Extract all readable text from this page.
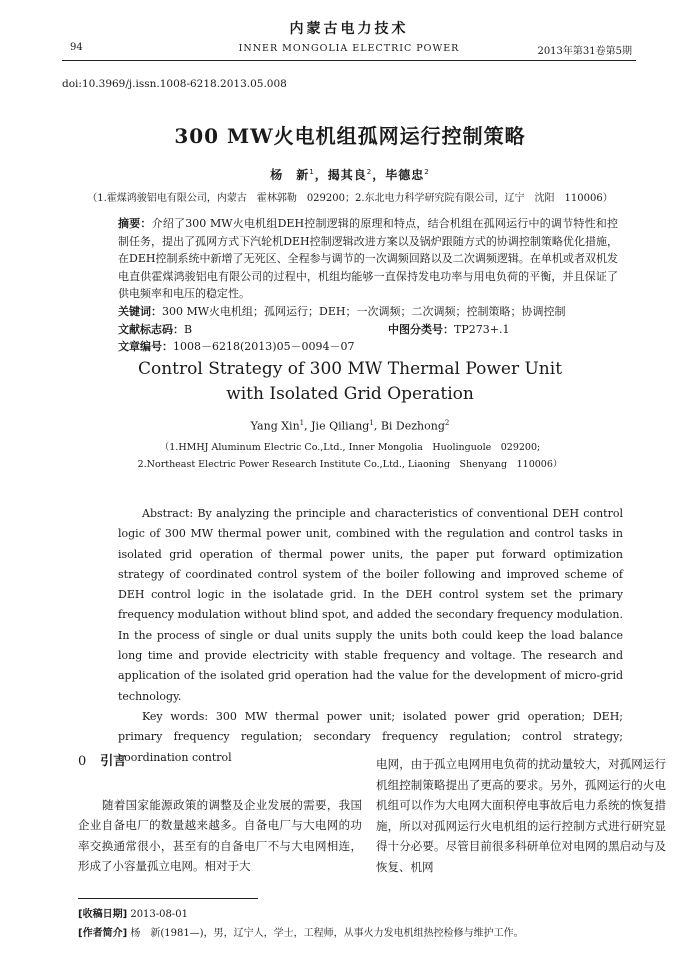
内蒙古电力技术
94	INNER MONGOLIA ELECTRIC POWER	2013年第31卷第5期
doi:10.3969/j.issn.1008-6218.2013.05.008
300 MW火电机组孤网运行控制策略
杨　新$^1$，揭其良$^2$，毕德忠$^2$
（1.霍煤鸿骏铝电有限公司，内蒙古　霍林郭勒　029200；2.东北电力科学研究院有限公司，辽宁　沈阳　110006）
摘要：介绍了300 MW火电机组DEH控制逻辑的原理和特点，结合机组在孤网运行中的调节特性和控制任务，提出了孤网方式下汽轮机DEH控制逻辑改进方案以及锅炉跟随方式的协调控制策略优化措施，在DEH控制系统中新增了无死区、全程参与调节的一次调频回路以及二次调频逻辑。在单机或者双机发电直供霍煤鸿骏铝电有限公司的过程中，机组均能够一直保持发电功率与用电负荷的平衡，并且保证了供电频率和电压的稳定性。
关键词：300 MW火电机组；孤网运行；DEH；一次调频；二次调频；控制策略；协调控制
文献标志码：B	中图分类号：TP273+.1
文章编号：1008－6218(2013)05－0094－07
Control Strategy of 300 MW Thermal Power Unit
with Isolated Grid Operation
Yang Xin$^1$, Jie Qiliang$^1$, Bi Dezhong$^2$
（1.HMHJ Aluminum Electric Co.,Ltd., Inner Mongolia　Huolinguole　029200;
2.Northeast Electric Power Research Institute Co.,Ltd., Liaoning　Shenyang　110006）

Abstract: By analyzing the principle and characteristics of conventional DEH control logic of 300 MW thermal power unit, combined with the regulation and control tasks in isolated grid operation of thermal power units, the paper put forward optimization strategy of coordinated control system of the boiler following and improved scheme of DEH control logic in the isolatade grid. In the DEH control system set the primary frequency modulation without blind spot, and added the secondary frequency modulation. In the process of single or dual units supply the units both could keep the load balance long time and provide electricity with stable frequency and voltage. The research and application of the isolated grid operation had the value for the development of micro-grid technology.

Key words: 300 MW thermal power unit; isolated power grid operation; DEH; primary frequency regulation; secondary frequency regulation; control strategy; coordination control

0 引言

随着国家能源政策的调整及企业发展的需要，我国企业自备电厂的数量越来越多。自备电厂与大电网的功率交换通常很小，甚至有的自备电厂不与大电网相连，形成了小容量孤立电网。相对于大

电网，由于孤立电网用电负荷的扰动量较大，对孤网运行机组控制策略提出了更高的要求。另外，孤网运行的火电机组可以作为大电网大面积停电事故后电力系统的恢复措施，所以对孤网运行火电机组的运行控制方式进行研究显得十分必要。尽管目前很多科研单位对电网的黑启动与及恢复、机网

[收稿日期] 2013-08-01
[作者简介] 杨　新(1981—)，男，辽宁人，学士，工程师，从事火力发电机组热控检修与维护工作。
